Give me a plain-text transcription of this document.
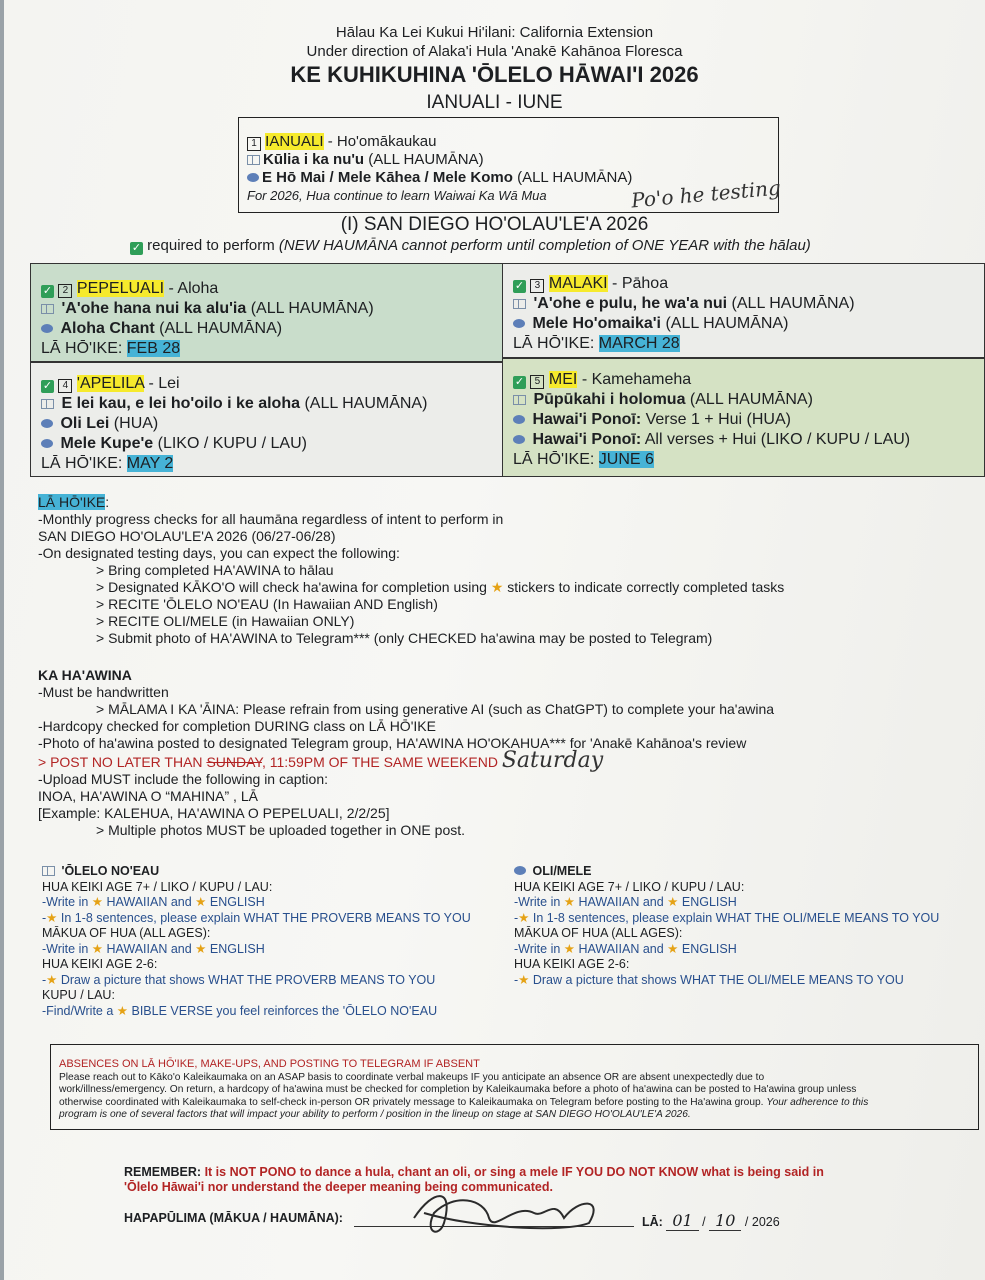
Hālau Ka Lei Kukui Hi'ilani: California Extension
Under direction of Alaka'i Hula 'Anakē Kahānoa Floresca
KE KUHIKUHINA 'ŌLELO HĀWAI'I 2026
IANUALI - IUNE
1 IANUALI - Ho'omākaukau
Kūlia i ka nu'u (ALL HAUMĀNA)
E Hō Mai / Mele Kāhea / Mele Komo (ALL HAUMĀNA)
For 2026, Hua continue to learn Waiwai Ka Wā Mua	Po'o he testing
(I) SAN DIEGO HO'OLAU'LE'A 2026
✓ required to perform (NEW HAUMĀNA cannot perform until completion of ONE YEAR with the hālau)
✓ 2 PEPELUALI - Aloha
'A'ohe hana nui ka alu'ia (ALL HAUMĀNA)
Aloha Chant (ALL HAUMĀNA)
LĀ HŌ'IKE: FEB 28
✓ 3 MALAKI - Pāhoa
'A'ohe e pulu, he wa'a nui (ALL HAUMĀNA)
Mele Ho'omaika'i (ALL HAUMĀNA)
LĀ HŌ'IKE: MARCH 28
✓ 4 'APELILA - Lei
E lei kau, e lei ho'oilo i ke aloha (ALL HAUMĀNA)
Oli Lei (HUA)
Mele Kupe'e (LIKO / KUPU / LAU)
LĀ HŌ'IKE: MAY 2
✓ 5 MEI - Kamehameha
Pūpūkahi i holomua (ALL HAUMĀNA)
Hawai'i Ponoī: Verse 1 + Hui (HUA)
Hawai'i Ponoī: All verses + Hui (LIKO / KUPU / LAU)
LĀ HŌ'IKE: JUNE 6
LĀ HŌ'IKE:
-Monthly progress checks for all haumāna regardless of intent to perform in
SAN DIEGO HO'OLAU'LE'A 2026 (06/27-06/28)
-On designated testing days, you can expect the following:
> Bring completed HA'AWINA to hālau
> Designated KĀKO'O will check ha'awina for completion using ★ stickers to indicate correctly completed tasks
> RECITE 'ŌLELO NO'EAU (In Hawaiian AND English)
> RECITE OLI/MELE (in Hawaiian ONLY)
> Submit photo of HA'AWINA to Telegram*** (only CHECKED ha'awina may be posted to Telegram)
KA HA'AWINA
-Must be handwritten
> MĀLAMA I KA 'ĀINA: Please refrain from using generative AI (such as ChatGPT) to complete your ha'awina
-Hardcopy checked for completion DURING class on LĀ HŌ'IKE
-Photo of ha'awina posted to designated Telegram group, HA'AWINA HO'OKAHUA*** for 'Anakē Kahānoa's review
> POST NO LATER THAN SUNDAY, 11:59PM OF THE SAME WEEKEND Saturday
-Upload MUST include the following in caption:
INOA, HA'AWINA O “MAHINA” , LĀ
[Example: KALEHUA, HA'AWINA O PEPELUALI, 2/2/25]
> Multiple photos MUST be uploaded together in ONE post.
'ŌLELO NO'EAU
HUA KEIKI AGE 7+ / LIKO / KUPU / LAU:
-Write in ★ HAWAIIAN and ★ ENGLISH
-★ In 1-8 sentences, please explain WHAT THE PROVERB MEANS TO YOU
MĀKUA OF HUA (ALL AGES):
-Write in ★ HAWAIIAN and ★ ENGLISH
HUA KEIKI AGE 2-6:
-★ Draw a picture that shows WHAT THE PROVERB MEANS TO YOU
KUPU / LAU:
-Find/Write a ★ BIBLE VERSE you feel reinforces the 'ŌLELO NO'EAU
OLI/MELE
HUA KEIKI AGE 7+ / LIKO / KUPU / LAU:
-Write in ★ HAWAIIAN and ★ ENGLISH
-★ In 1-8 sentences, please explain WHAT THE OLI/MELE MEANS TO YOU
MĀKUA OF HUA (ALL AGES):
-Write in ★ HAWAIIAN and ★ ENGLISH
HUA KEIKI AGE 2-6:
-★ Draw a picture that shows WHAT THE OLI/MELE MEANS TO YOU
ABSENCES ON LĀ HŌ'IKE, MAKE-UPS, AND POSTING TO TELEGRAM IF ABSENT
Please reach out to Kāko'o Kaleikaumaka on an ASAP basis to coordinate verbal makeups IF you anticipate an absence OR are absent unexpectedly due to
work/illness/emergency. On return, a hardcopy of ha'awina must be checked for completion by Kaleikaumaka before a photo of ha'awina can be posted to Ha'awina group unless
otherwise coordinated with Kaleikaumaka to self-check in-person OR privately message to Kaleikaumaka on Telegram before posting to the Ha'awina group. Your adherence to this
program is one of several factors that will impact your ability to perform / position in the lineup on stage at SAN DIEGO HO'OLAU'LE'A 2026.
REMEMBER: It is NOT PONO to dance a hula, chant an oli, or sing a mele IF YOU DO NOT KNOW what is being said in
'Ōlelo Hāwai'i nor understand the deeper meaning being communicated.
HAPAPŪLIMA (MĀKUA / HAUMĀNA):	LĀ: 01 / 10 / 2026
